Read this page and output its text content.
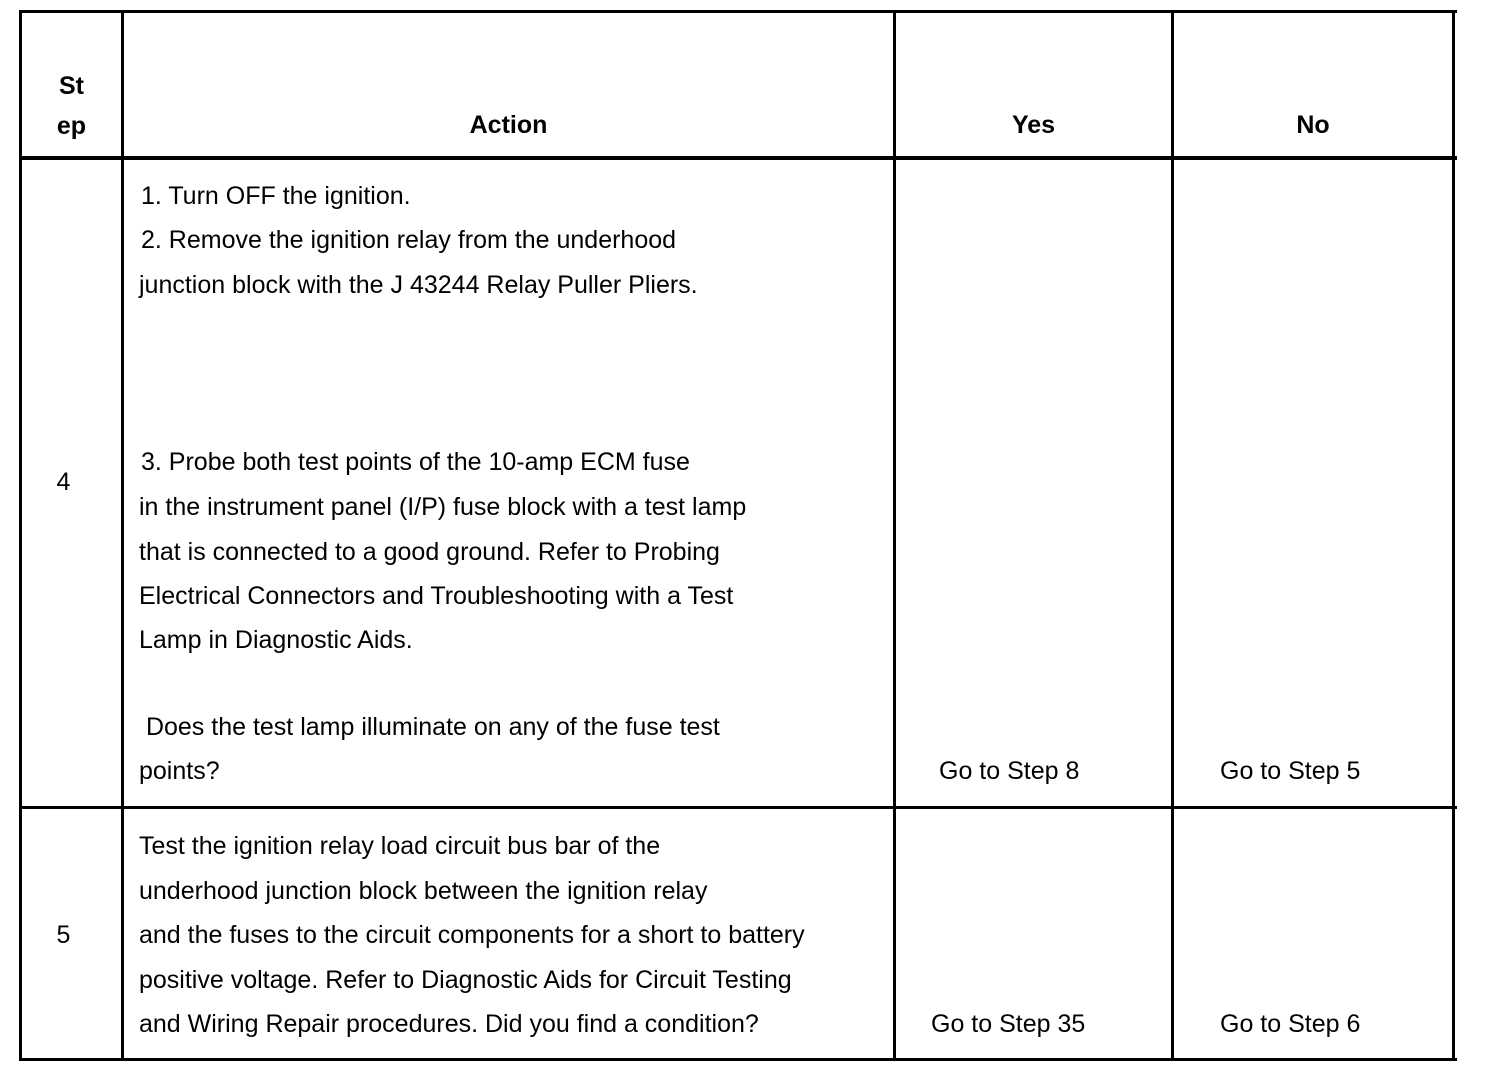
St
ep	Action	Yes	No
4
1. Turn OFF the ignition.
2. Remove the ignition relay from the underhood
junction block with the J 43244 Relay Puller Pliers.
3. Probe both test points of the 10-amp ECM fuse
in the instrument panel (I/P) fuse block with a test lamp
that is connected to a good ground. Refer to Probing
Electrical Connectors and Troubleshooting with a Test
Lamp in Diagnostic Aids.
Does the test lamp illuminate on any of the fuse test
points?	Go to Step 8	Go to Step 5
5
Test the ignition relay load circuit bus bar of the
underhood junction block between the ignition relay
and the fuses to the circuit components for a short to battery
positive voltage. Refer to Diagnostic Aids for Circuit Testing
and Wiring Repair procedures. Did you find a condition?	Go to Step 35	Go to Step 6
